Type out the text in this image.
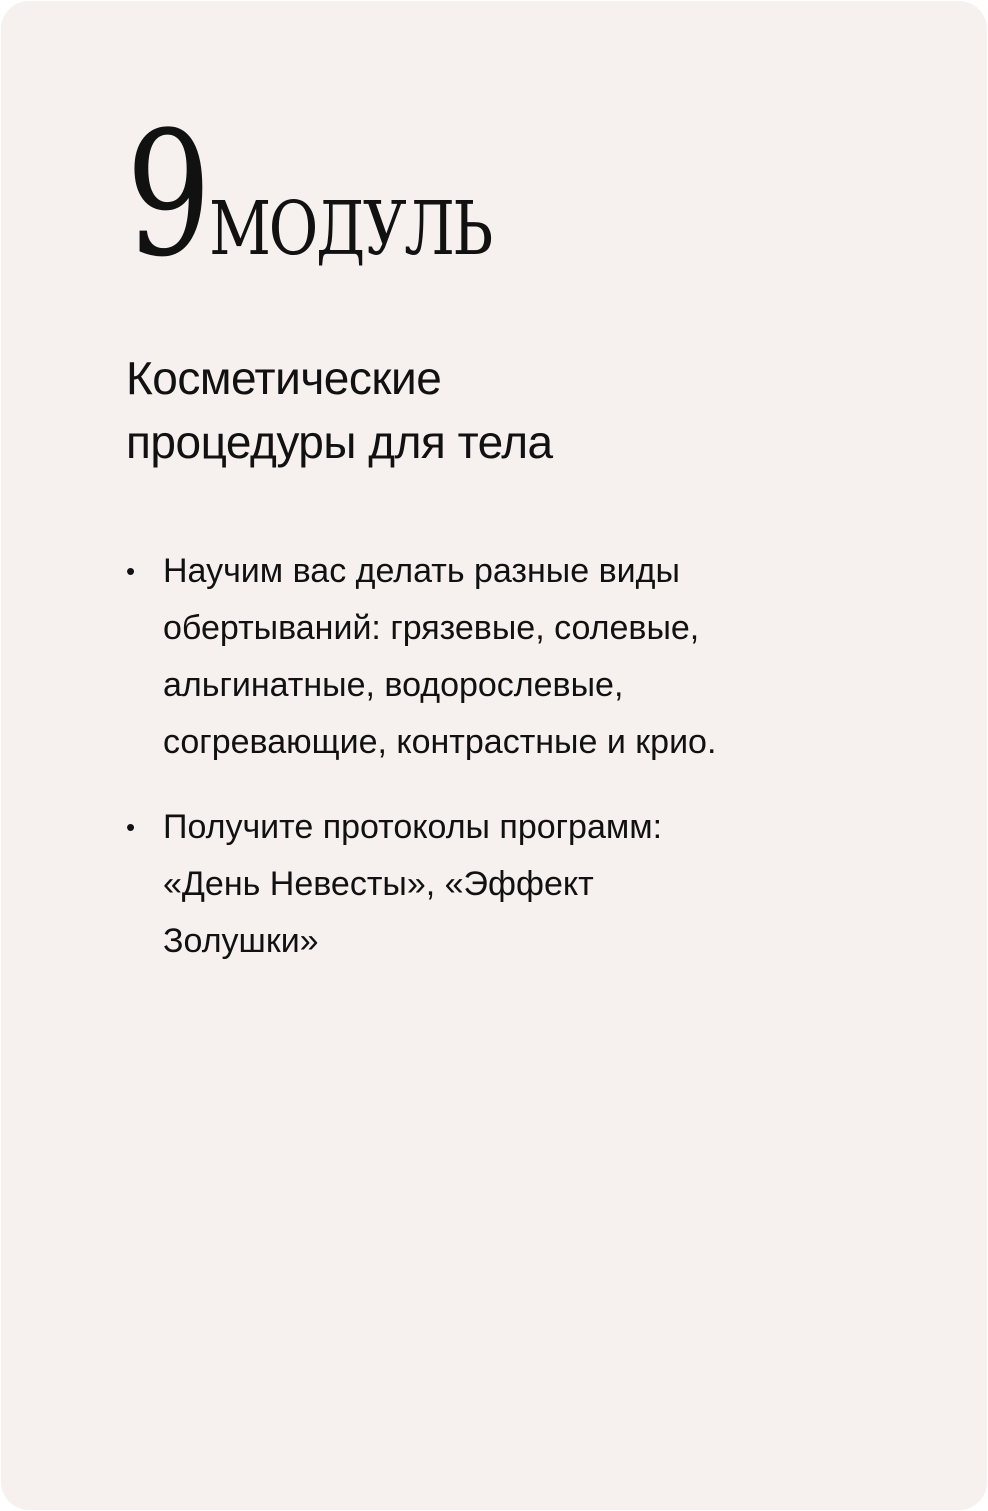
9 МОДУЛЬ
Косметические
процедуры для тела
• Научим вас делать разные виды
обертываний: грязевые, солевые,
альгинатные, водорослевые,
согревающие, контрастные и крио.
• Получите протоколы программ:
«День Невесты», «Эффект
Золушки»
